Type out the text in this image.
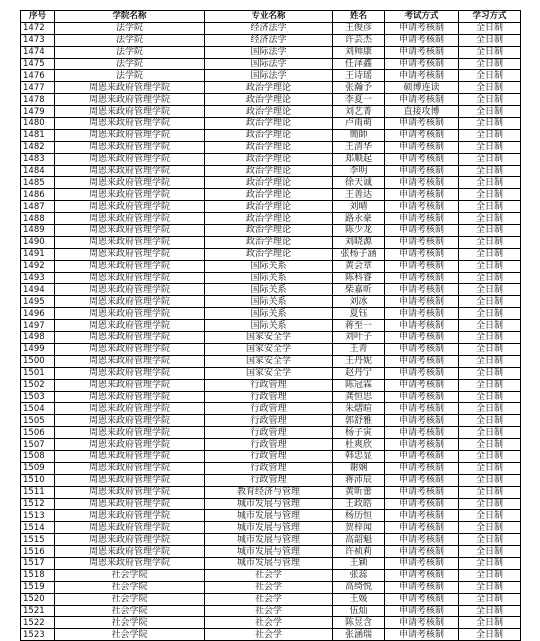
序号	学院名称	专业名称	姓名	考试方式	学习方式
1472	法学院	经济法学	王俊彦	申请考核制	全日制
1473	法学院	经济法学	许芸杰	申请考核制	全日制
1474	法学院	国际法学	刘帅康	申请考核制	全日制
1475	法学院	国际法学	任泽鑫	申请考核制	全日制
1476	法学院	国际法学	王诗瑶	申请考核制	全日制
1477	周恩来政府管理学院	政治学理论	张瀚予	硕博连读	全日制
1478	周恩来政府管理学院	政治学理论	李夏一	申请考核制	全日制
1479	周恩来政府管理学院	政治学理论	刘艺菁	直接攻博	全日制
1480	周恩来政府管理学院	政治学理论	卢雨萌	申请考核制	全日制
1481	周恩来政府管理学院	政治学理论	簡帥	申请考核制	全日制
1482	周恩来政府管理学院	政治学理论	王清华	申请考核制	全日制
1483	周恩来政府管理学院	政治学理论	郑顺起	申请考核制	全日制
1484	周恩来政府管理学院	政治学理论	李明	申请考核制	全日制
1485	周恩来政府管理学院	政治学理论	徐天诚	申请考核制	全日制
1486	周恩来政府管理学院	政治学理论	王善达	申请考核制	全日制
1487	周恩来政府管理学院	政治学理论	刘晴	申请考核制	全日制
1488	周恩来政府管理学院	政治学理论	路永豪	申请考核制	全日制
1489	周恩来政府管理学院	政治学理论	陈少龙	申请考核制	全日制
1490	周恩来政府管理学院	政治学理论	刘晓源	申请考核制	全日制
1491	周恩来政府管理学院	政治学理论	张杨子涵	申请考核制	全日制
1492	周恩来政府管理学院	国际关系	黄会章	申请考核制	全日制
1493	周恩来政府管理学院	国际关系	陈科睿	申请考核制	全日制
1494	周恩来政府管理学院	国际关系	柴嘉昕	申请考核制	全日制
1495	周恩来政府管理学院	国际关系	刘冰	申请考核制	全日制
1496	周恩来政府管理学院	国际关系	夏钰	申请考核制	全日制
1497	周恩来政府管理学院	国际关系	蒋至一	申请考核制	全日制
1498	周恩来政府管理学院	国家安全学	刘叶子	申请考核制	全日制
1499	周恩来政府管理学院	国家安全学	王青	申请考核制	全日制
1500	周恩来政府管理学院	国家安全学	王丹妮	申请考核制	全日制
1501	周恩来政府管理学院	国家安全学	赵丹宁	申请考核制	全日制
1502	周恩来政府管理学院	行政管理	陈冠霖	申请考核制	全日制
1503	周恩来政府管理学院	行政管理	龚恒思	申请考核制	全日制
1504	周恩来政府管理学院	行政管理	朱熠暄	申请考核制	全日制
1505	周恩来政府管理学院	行政管理	郭舒雅	申请考核制	全日制
1506	周恩来政府管理学院	行政管理	杨子寅	申请考核制	全日制
1507	周恩来政府管理学院	行政管理	杜爽欣	申请考核制	全日制
1508	周恩来政府管理学院	行政管理	韩忠显	申请考核制	全日制
1509	周恩来政府管理学院	行政管理	谢娴	申请考核制	全日制
1510	周恩来政府管理学院	行政管理	蒋沛辰	申请考核制	全日制
1511	周恩来政府管理学院	教育经济与管理	黄昕蕾	申请考核制	全日制
1512	周恩来政府管理学院	城市发展与管理	王政皓	申请考核制	全日制
1513	周恩来政府管理学院	城市发展与管理	杨历恒	申请考核制	全日制
1514	周恩来政府管理学院	城市发展与管理	贺梓闻	申请考核制	全日制
1515	周恩来政府管理学院	城市发展与管理	高韶魁	申请考核制	全日制
1516	周恩来政府管理学院	城市发展与管理	许祯莉	申请考核制	全日制
1517	周恩来政府管理学院	城市发展与管理	王颖	申请考核制	全日制
1518	社会学院	社会学	张蕊	申请考核制	全日制
1519	社会学院	社会学	高绮悦	申请考核制	全日制
1520	社会学院	社会学	王媛	申请考核制	全日制
1521	社会学院	社会学	伍灿	申请考核制	全日制
1522	社会学院	社会学	陈昱含	申请考核制	全日制
1523	社会学院	社会学	张涵瑞	申请考核制	全日制
